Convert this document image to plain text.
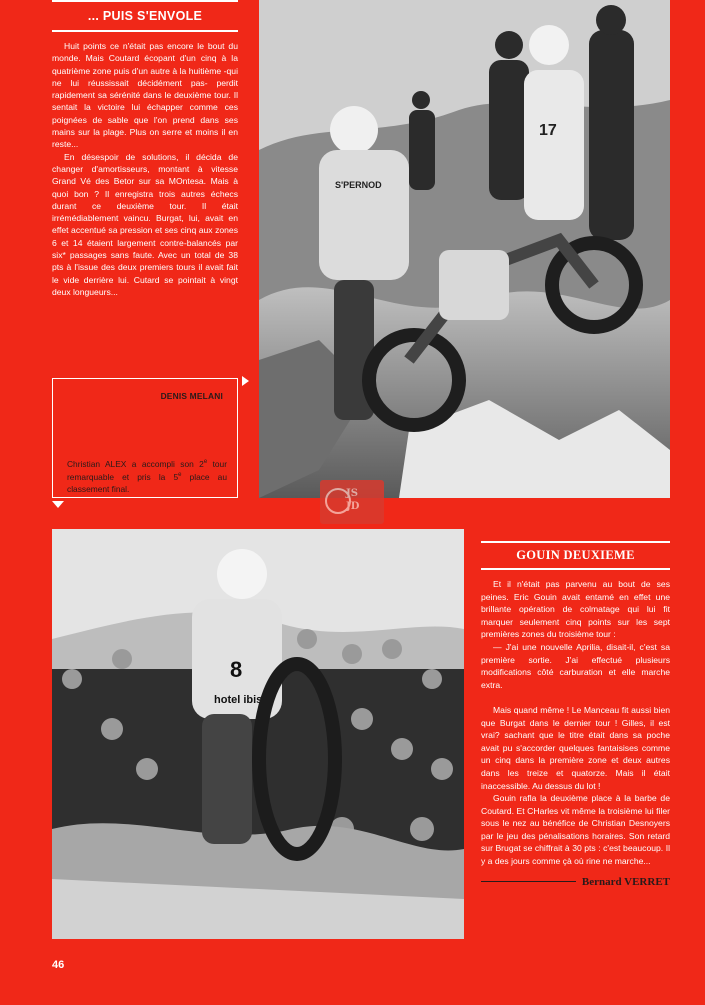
... PUIS S'ENVOLE

Huit points ce n'était pas encore le bout du monde. Mais Coutard écopant d'un cinq à la quatrième zone puis d'un autre à la huitième -qui ne lui réussissait décidément pas- perdit rapidement sa sérénité dans le deuxième tour. Il sentait la victoire lui échapper comme ces poignées de sable que l'on prend dans ses mains sur la plage. Plus on serre et moins il en reste...

En désespoir de solutions, il décida de changer d'amortisseurs, montant à vitesse Grand Vé des Betor sur sa MOntesa. Mais à quoi bon ? Il enregistra trois autres échecs durant ce deuxième tour. Il était irrémédiablement vaincu. Burgat, lui, avait en effet accentué sa pression et ses cinq aux zones 6 et 14 étaient largement contre-balancés par six* passages sans faute. Avec un total de 38 pts à l'issue des deux premiers tours il avait fait le vide derrière lui. Cutard se pointait à vingt deux longueurs...

DENIS MELANI
Christian ALEX a accompli son 2e tour remarquable et pris la 5e place au classement final.
17
S'PERNOD
JS
JD
8
hotel ibis
GOUIN DEUXIEME

Et il n'était pas parvenu au bout de ses peines. Eric Gouin avait entamé en effet une brillante opération de colmatage qui lui fit marquer seulement cinq points sur les sept premières zones du troisième tour :

— J'ai une nouvelle Aprilia, disait-il, c'est sa première sortie. J'ai effectué plusieurs modifications côté carburation et elle marche extra.

Mais quand même ! Le Manceau fit aussi bien que Burgat dans le dernier tour ! Gilles, il est vrai? sachant que le titre était dans sa poche avait pu s'accorder quelques fantaisises comme un cinq dans la première zone et deux autres dans les treize et quatorze. Mais il était inaccessible. Au dessus du lot !

Gouin rafla la deuxième place à la barbe de Coutard. Et CHarles vit même la troisième lui filer sous le nez au bénéfice de Christian Desnoyers par le jeu des pénalisations horaires. Son retard sur Brugat se chiffrait à 30 pts : c'est beaucoup. Il y a des jours comme çà où rine ne marche...

Bernard VERRET
46
